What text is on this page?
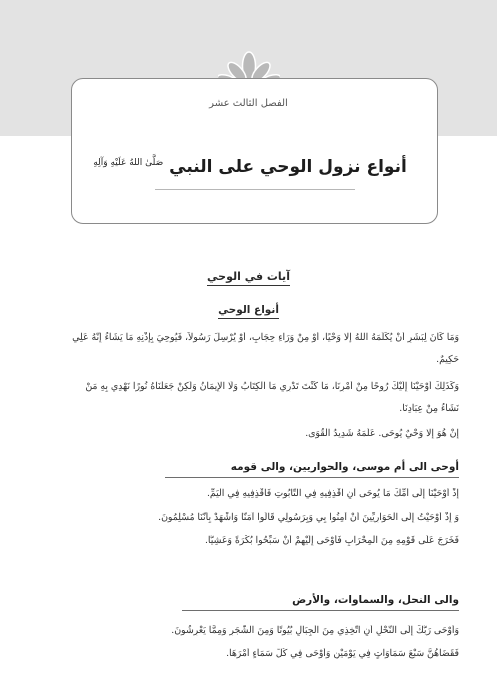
الفصل الثالث عشر
أنواع نزول الوحي على النبي $^{صَلَّىٰ اللهُ عَلَيْهِ وَآلِهِ}$
آيات في الوحي
أنواع الوحي
وَمَا كَانَ لِبَشَرٍ أَنْ يُكَلِّمَهُ اللهُ إلا وَحْيًا، أَوْ مِنْ وَرَاءِ حِجَابٍ، أَوْ يُرْسِلَ رَسُولاً، فَيُوحِيَ بِإِذْنِهِ مَا يَشَاءُ إِنَّهُ عَلِي
حَكِيمٌ.
وَكَذَلِكَ أَوْحَيْنَا إِلَيْكَ رُوحًا مِنْ أَمْرِنَا، مَا كُنْتَ تَدْرِي مَا الْكِتَابُ وَلَا الإِيمَانُ وَلَكِنْ جَعَلْنَاهُ نُورًا نَهْدِي بِهِ مَنْ
نَشَاءُ مِنْ عِبَادِنَا.
إِنْ هُوَ إِلا وَحْيٌ يُوحَى. عَلَّمَهُ شَدِيدُ الْقُوَى.
أوحى الى أم موسى، والحواريين، والى قومه
إِذْ أَوْحَيْنَا إِلَى أُمِّكَ مَا يُوحَى أَنِ اقْذِفِيهِ فِي التَّابُوتِ فَاقْذِفِيهِ فِي الْيَمِّ.
وَ إِذْ أَوْحَيْتُ إِلَى الْحَوَارِيِّينَ أَنْ آمِنُوا بِي وَبِرَسُولِي قَالُوا آمَنَّا وَاشْهَدْ بِأَنَّنَا مُسْلِمُونَ.
فَخَرَجَ عَلَى قَوْمِهِ مِنَ الْمِحْرَابِ فَأَوْحَى إِلَيْهِمْ أَنْ سَبِّحُوا بُكْرَةً وَعَشِيًّا.
والى النحل، والسماوات، والأرض
وَأَوْحَى رَبُّكَ إِلَى النَّحْلِ أَنِ اتَّخِذِي مِنَ الْجِبَالِ بُيُوتًا وَمِنَ الشَّجَرِ وَمِمَّا يَعْرِشُونَ.
فَقَضَاهُنَّ سَبْعَ سَمَاوَاتٍ فِي يَوْمَيْنِ وَأَوْحَى فِي كُلِّ سَمَاءٍ أَمْرَهَا.
